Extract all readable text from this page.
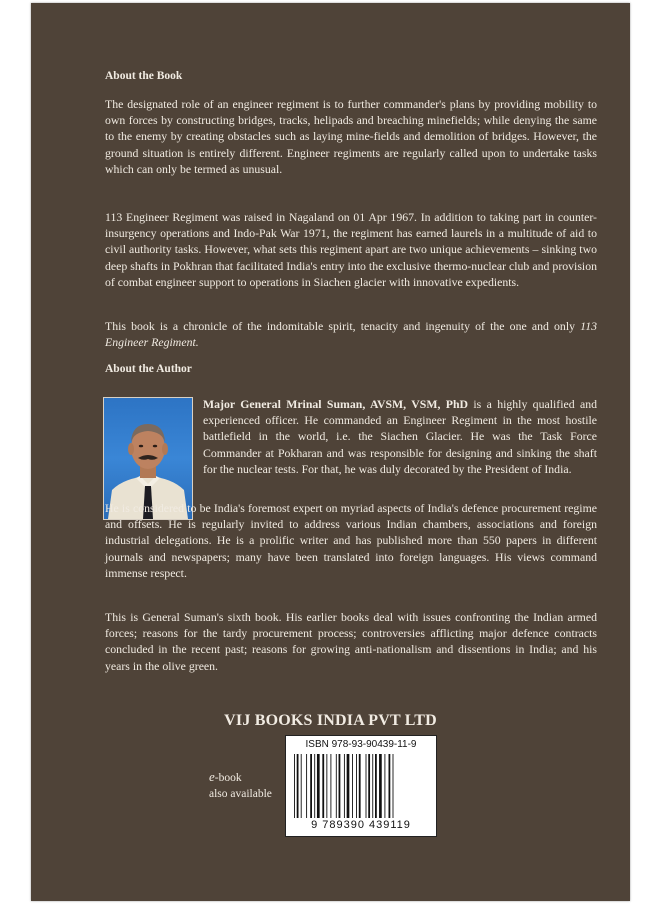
About the Book

The designated role of an engineer regiment is to further commander's plans by providing mobility to own forces by constructing bridges, tracks, helipads and breaching minefields; while denying the same to the enemy by creating obstacles such as laying mine-fields and demolition of bridges. However, the ground situation is entirely different. Engineer regiments are regularly called upon to undertake tasks which can only be termed as unusual.

113 Engineer Regiment was raised in Nagaland on 01 Apr 1967. In addition to taking part in counter-insurgency operations and Indo-Pak War 1971, the regiment has earned laurels in a multitude of aid to civil authority tasks. However, what sets this regiment apart are two unique achievements – sinking two deep shafts in Pokhran that facilitated India's entry into the exclusive thermo-nuclear club and provision of combat engineer support to operations in Siachen glacier with innovative expedients.

This book is a chronicle of the indomitable spirit, tenacity and ingenuity of the one and only 113 Engineer Regiment.

About the Author

Major General Mrinal Suman, AVSM, VSM, PhD is a highly qualified and experienced officer. He commanded an Engineer Regiment in the most hostile battlefield in the world, i.e. the Siachen Glacier. He was the Task Force Commander at Pokharan and was responsible for designing and sinking the shaft for the nuclear tests. For that, he was duly decorated by the President of India.

He is considered to be India's foremost expert on myriad aspects of India's defence procurement regime and offsets. He is regularly invited to address various Indian chambers, associations and foreign industrial delegations. He is a prolific writer and has published more than 550 papers in different journals and newspapers; many have been translated into foreign languages. His views command immense respect.

This is General Suman's sixth book. His earlier books deal with issues confronting the Indian armed forces; reasons for the tardy procurement process; controversies afflicting major defence contracts concluded in the recent past; reasons for growing anti-nationalism and dissentions in India; and his years in the olive green.

VIJ BOOKS INDIA PVT LTD
e-book
also available
ISBN 978-93-90439-11-9
9 789390 439119
